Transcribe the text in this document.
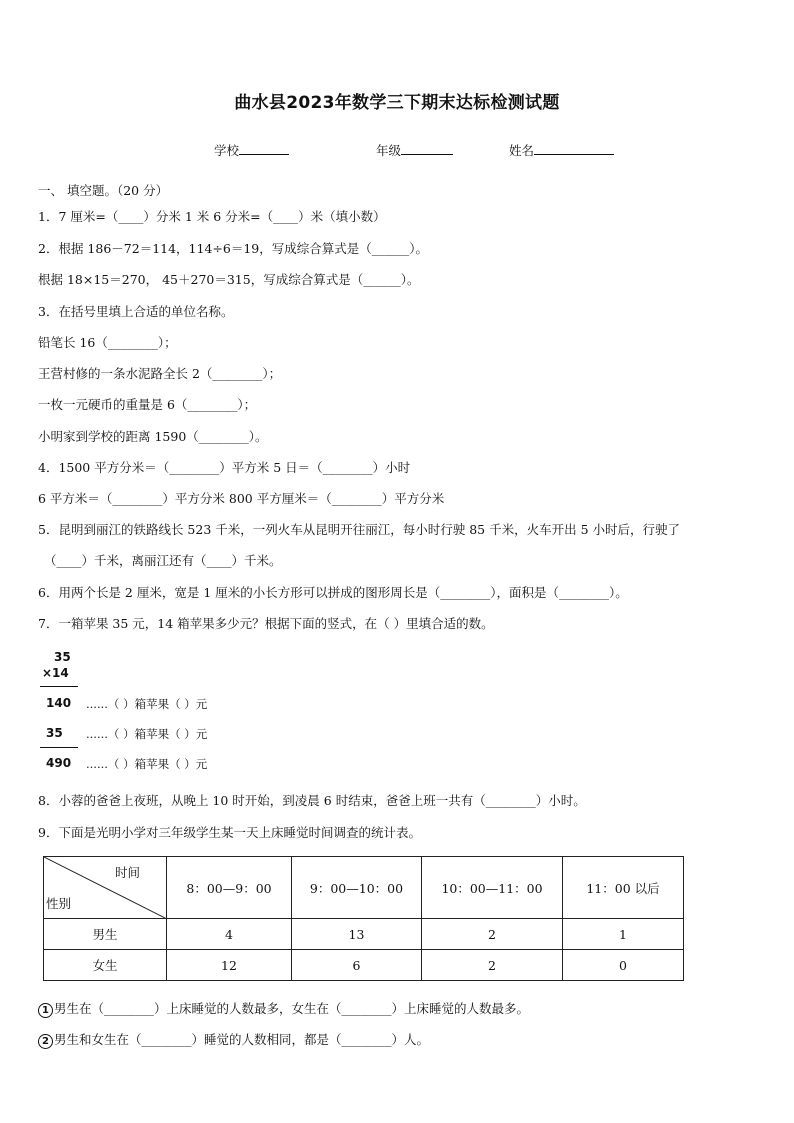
曲水县2023年数学三下期末达标检测试题
学校	年级	姓名
一、 填空题。（20 分）
1．7 厘米=（____）分米 1 米 6 分米=（____）米（填小数）
2．根据 186－72＝114，114÷6＝19，写成综合算式是（______）。
根据 18×15＝270， 45＋270＝315，写成综合算式是（______）。
3．在括号里填上合适的单位名称。
铅笔长 16（________）；
王营村修的一条水泥路全长 2（________）；
一枚一元硬币的重量是 6（________）；
小明家到学校的距离 1590（________）。
4．1500 平方分米＝（________）平方米 5 日＝（________）小时
6 平方米＝（________）平方分米 800 平方厘米＝（________）平方分米
5．昆明到丽江的铁路线长 523 千米，一列火车从昆明开往丽江，每小时行驶 85 千米，火车开出 5 小时后，行驶了
（____）千米，离丽江还有（____）千米。
6．用两个长是 2 厘米，宽是 1 厘米的小长方形可以拼成的图形周长是（________），面积是（________）。
7．一箱苹果 35 元，14 箱苹果多少元？根据下面的竖式，在（ ）里填合适的数。
35
×14
140 ......（ ）箱苹果（ ）元
35 ......（ ）箱苹果（ ）元
490 ......（ ）箱苹果（ ）元
8．小蓉的爸爸上夜班，从晚上 10 时开始，到凌晨 6 时结束，爸爸上班一共有（________）小时。
9．下面是光明小学对三年级学生某一天上床睡觉时间调查的统计表。
时间
性别	8：00—9：00	9：00—10：00	10：00—11：00	11：00 以后
男生	4	13	2	1
女生	12	6	2	0
1 男生在（________）上床睡觉的人数最多，女生在（________）上床睡觉的人数最多。
2 男生和女生在（________）睡觉的人数相同，都是（________）人。
